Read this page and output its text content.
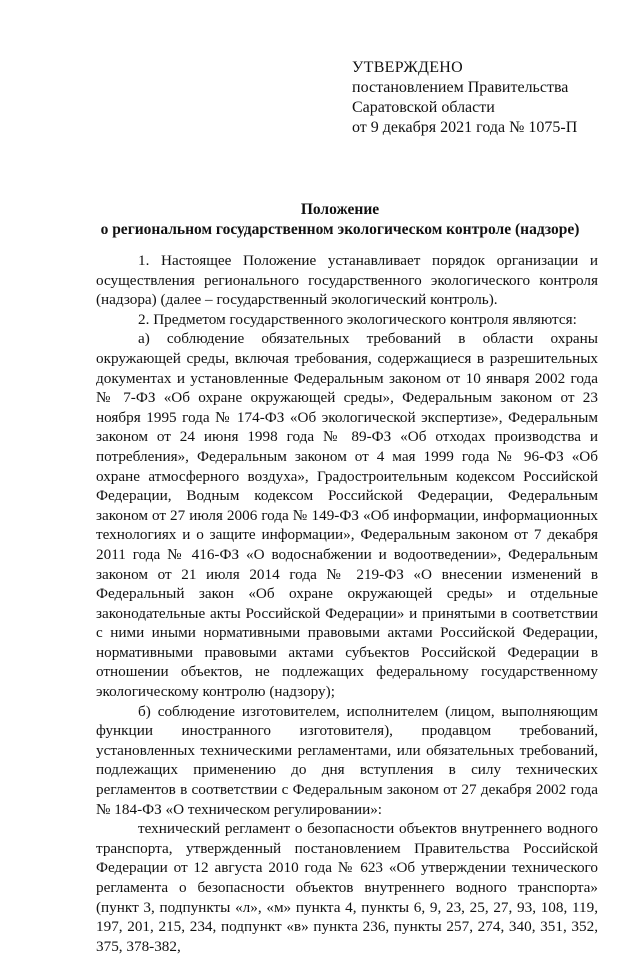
УТВЕРЖДЕНО
постановлением Правительства
Саратовской области
от 9 декабря 2021 года № 1075-П
Положение
о региональном государственном экологическом контроле (надзоре)

1. Настоящее Положение устанавливает порядок организации и осуществления регионального государственного экологического контроля (надзора) (далее – государственный экологический контроль).

2. Предметом государственного экологического контроля являются:

а) соблюдение обязательных требований в области охраны окружающей среды, включая требования, содержащиеся в разрешительных документах и установленные Федеральным законом от 10 января 2002 года № 7-ФЗ «Об охране окружающей среды», Федеральным законом от 23 ноября 1995 года № 174-ФЗ «Об экологической экспертизе», Федеральным законом от 24 июня 1998 года № 89-ФЗ «Об отходах производства и потребления», Федеральным законом от 4 мая 1999 года № 96-ФЗ «Об охране атмосферного воздуха», Градостроительным кодексом Российской Федерации, Водным кодексом Российской Федерации, Федеральным законом от 27 июля 2006 года № 149-ФЗ «Об информации, информационных технологиях и о защите информации», Федеральным законом от 7 декабря 2011 года № 416-ФЗ «О водоснабжении и водоотведении», Федеральным законом от 21 июля 2014 года № 219-ФЗ «О внесении изменений в Федеральный закон «Об охране окружающей среды» и отдельные законодательные акты Российской Федерации» и принятыми в соответствии с ними иными нормативными правовыми актами Российской Федерации, нормативными правовыми актами субъектов Российской Федерации в отношении объектов, не подлежащих федеральному государственному экологическому контролю (надзору);

б) соблюдение изготовителем, исполнителем (лицом, выполняющим функции иностранного изготовителя), продавцом требований, установленных техническими регламентами, или обязательных требований, подлежащих применению до дня вступления в силу технических регламентов в соответствии с Федеральным законом от 27 декабря 2002 года № 184-ФЗ «О техническом регулировании»:

технический регламент о безопасности объектов внутреннего водного транспорта, утвержденный постановлением Правительства Российской Федерации от 12 августа 2010 года № 623 «Об утверждении технического регламента о безопасности объектов внутреннего водного транспорта» (пункт 3, подпункты «л», «м» пункта 4, пункты 6, 9, 23, 25, 27, 93, 108, 119, 197, 201, 215, 234, подпункт «в» пункта 236, пункты 257, 274, 340, 351, 352, 375, 378-382,
